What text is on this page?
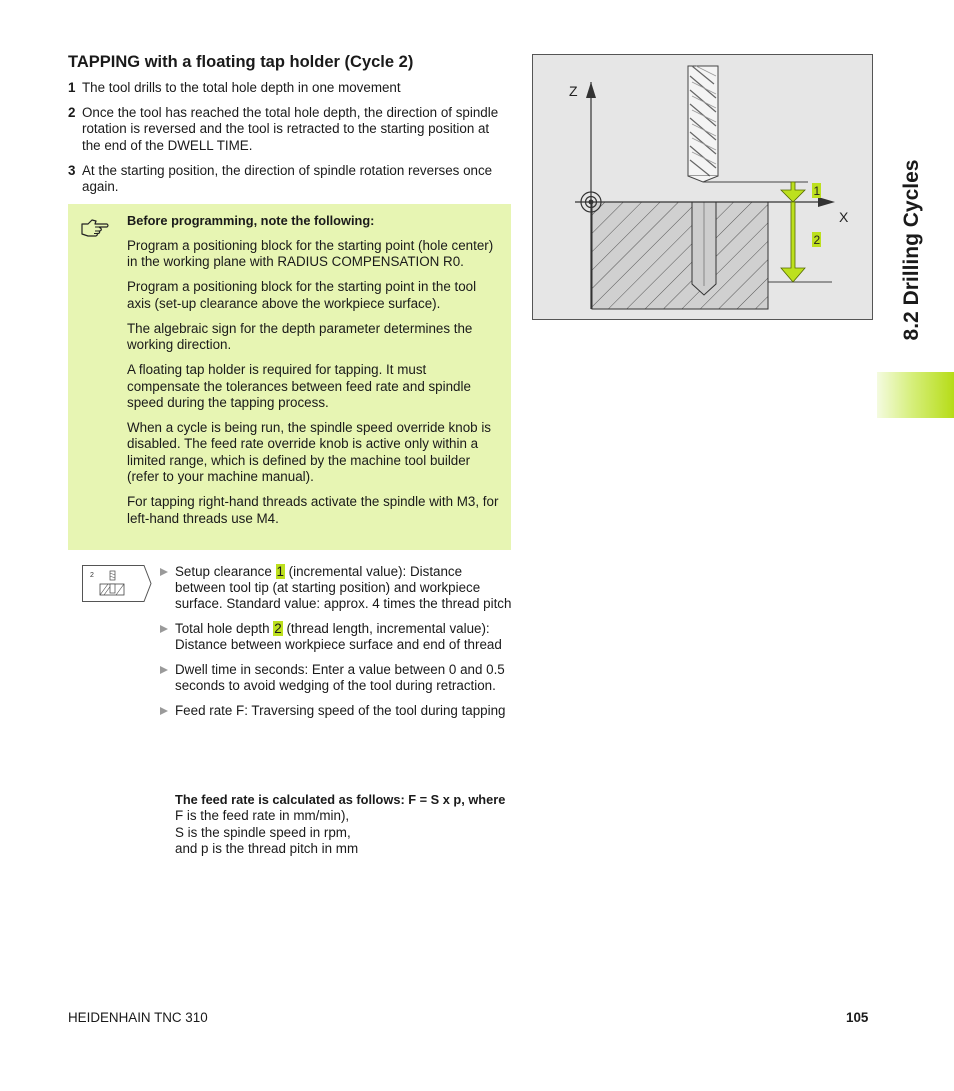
TAPPING with a floating tap holder (Cycle 2)
1 The tool drills to the total hole depth in one movement
2 Once the tool has reached the total hole depth, the direction of spindle rotation is reversed and the tool is retracted to the starting position at the end of the DWELL TIME.
3 At the starting position, the direction of spindle rotation reverses once again.

Before programming, note the following:

Program a positioning block for the starting point (hole center) in the working plane with RADIUS COMPENSATION R0.

Program a positioning block for the starting point in the tool axis (set-up clearance above the workpiece surface).

The algebraic sign for the depth parameter determines the working direction.

A floating tap holder is required for tapping. It must compensate the tolerances between feed rate and spindle speed during the tapping process.

When a cycle is being run, the spindle speed override knob is disabled. The feed rate override knob is active only within a limited range, which is defined by the machine tool builder (refer to your machine manual).

For tapping right-hand threads activate the spindle with M3, for left-hand threads use M4.

2	Setup clearance 1 (incremental value): Distance between tool tip (at starting position) and workpiece surface. Standard value: approx. 4 times the thread pitch
Total hole depth 2 (thread length, incremental value): Distance between workpiece surface and end of thread
Dwell time in seconds: Enter a value between 0 and 0.5 seconds to avoid wedging of the tool during retraction.
Feed rate F: Traversing speed of the tool during tapping
The feed rate is calculated as follows: F = S x p, where
F is the feed rate in mm/min),
S is the spindle speed in rpm,
and p is the thread pitch in mm
Z
X
1
2	8.2 Drilling Cycles
HEIDENHAIN TNC 310	105
